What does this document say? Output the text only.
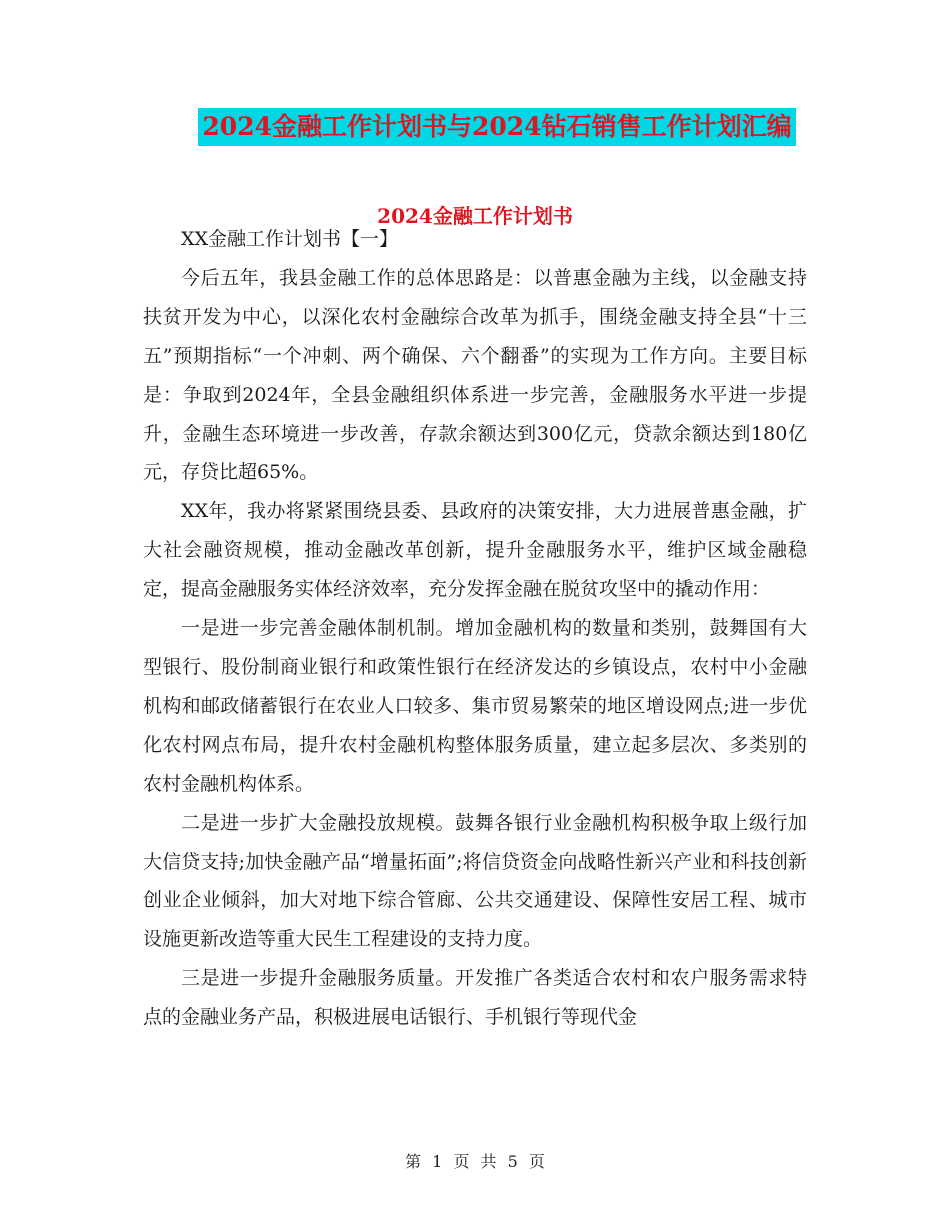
2024金融工作计划书与2024钻石销售工作计划汇编
2024金融工作计划书

XX金融工作计划书【一】

今后五年，我县金融工作的总体思路是：以普惠金融为主线，以金融支持扶贫开发为中心，以深化农村金融综合改革为抓手，围绕金融支持全县“十三五”预期指标“一个冲刺、两个确保、六个翻番”的实现为工作方向。主要目标是：争取到2024年，全县金融组织体系进一步完善，金融服务水平进一步提升，金融生态环境进一步改善，存款余额达到300亿元，贷款余额达到180亿元，存贷比超65%。

XX年，我办将紧紧围绕县委、县政府的决策安排，大力进展普惠金融，扩大社会融资规模，推动金融改革创新，提升金融服务水平，维护区域金融稳定，提高金融服务实体经济效率，充分发挥金融在脱贫攻坚中的撬动作用：

一是进一步完善金融体制机制。增加金融机构的数量和类别，鼓舞国有大型银行、股份制商业银行和政策性银行在经济发达的乡镇设点，农村中小金融机构和邮政储蓄银行在农业人口较多、集市贸易繁荣的地区增设网点;进一步优化农村网点布局，提升农村金融机构整体服务质量，建立起多层次、多类别的农村金融机构体系。

二是进一步扩大金融投放规模。鼓舞各银行业金融机构积极争取上级行加大信贷支持;加快金融产品“增量拓面”;将信贷资金向战略性新兴产业和科技创新创业企业倾斜，加大对地下综合管廊、公共交通建设、保障性安居工程、城市设施更新改造等重大民生工程建设的支持力度。

三是进一步提升金融服务质量。开发推广各类适合农村和农户服务需求特点的金融业务产品，积极进展电话银行、手机银行等现代金

第 1 页 共 5 页
